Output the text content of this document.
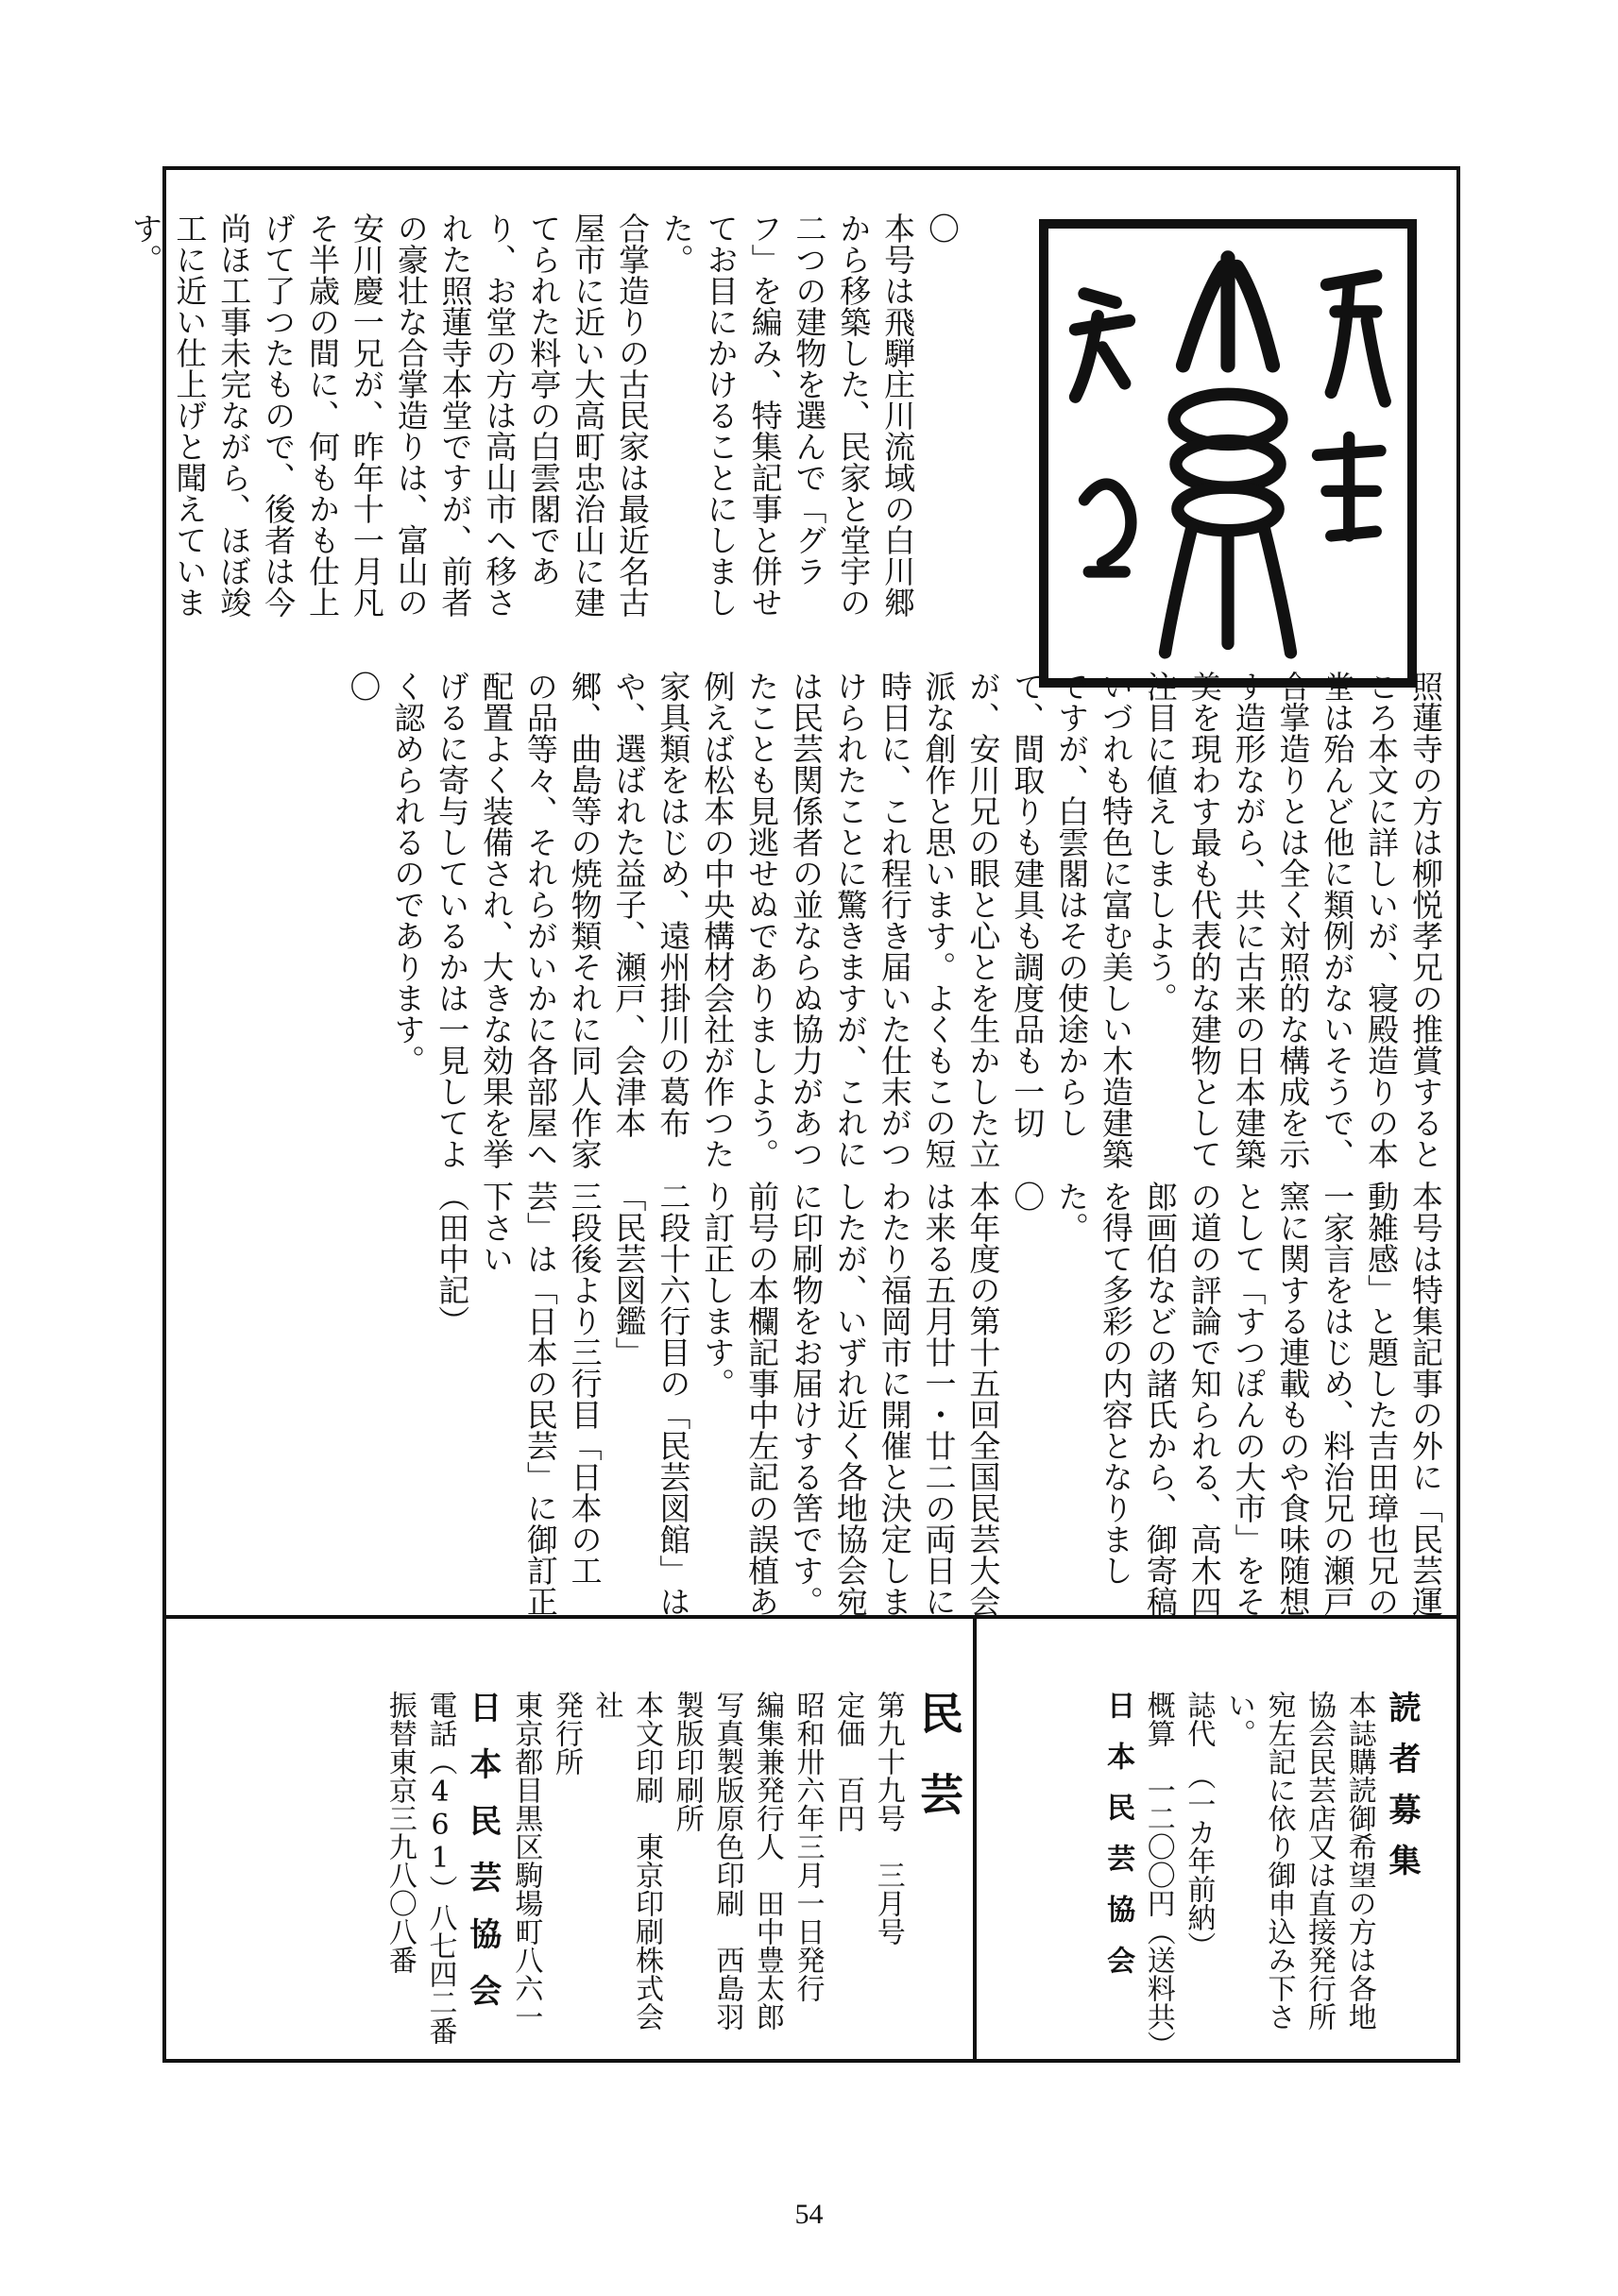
〇

本号は飛騨庄川流域の白川郷から移築した、民家と堂宇の二つの建物を選んで「グラフ」を編み、特集記事と併せてお目にかけることにしました。

合掌造りの古民家は最近名古屋市に近い大高町忠治山に建てられた料亭の白雲閣であり、お堂の方は高山市へ移された照蓮寺本堂ですが、前者の豪壮な合掌造りは、富山の安川慶一兄が、昨年十一月凡そ半歳の間に、何もかも仕上げて了つたもので、後者は今尚ほ工事未完ながら、ほぼ竣工に近い仕上げと聞えています。

照蓮寺の方は柳悦孝兄の推賞するところ本文に詳しいが、寝殿造りの本堂は殆んど他に類例がないそうで、合掌造りとは全く対照的な構成を示す造形ながら、共に古来の日本建築美を現わす最も代表的な建物として注目に値えしましよう。

いづれも特色に富む美しい木造建築ですが、白雲閣はその使途からして、間取りも建具も調度品も一切が、安川兄の眼と心とを生かした立派な創作と思います。よくもこの短時日に、これ程行き届いた仕末がつけられたことに驚きますが、これには民芸関係者の並ならぬ協力があつたことも見逃せぬでありましよう。例えば松本の中央構材会社が作つた家具類をはじめ、遠州掛川の葛布や、選ばれた益子、瀬戸、会津本郷、曲島等の焼物類それに同人作家の品等々、それらがいかに各部屋へ配置よく装備され、大きな効果を挙げるに寄与しているかは一見してよく認められるのであります。

〇

本号は特集記事の外に「民芸運動雑感」と題した吉田璋也兄の一家言をはじめ、料治兄の瀬戸窯に関する連載ものや食味随想として「すつぽんの大市」をその道の評論で知られる、高木四郎画伯などの諸氏から、御寄稿を得て多彩の内容となりました。

〇

本年度の第十五回全国民芸大会は来る五月廿一・廿二の両日にわたり福岡市に開催と決定しましたが、いずれ近く各地協会宛に印刷物をお届けする筈です。

前号の本欄記事中左記の誤植あり訂正します。

二段十六行目の「民芸図館」は「民芸図鑑」

三段後より三行目「日本の工芸」は「日本の民芸」に御訂正下さい

（田中記）

読者募集

本誌購読御希望の方は各地協会民芸店又は直接発行所宛左記に依り御申込み下さい。

誌代　（一カ年前納）

概算　一二〇〇円（送料共）

日本民芸協会

民芸

第九十九号　三月号

定価　百円

昭和卅六年三月一日発行

編集兼発行人　田中豊太郎

写真製版原色印刷　西島羽製版印刷所

本文印刷　東京印刷株式会社

発行所

東京都目黒区駒場町八六一

日本民芸協会

電話（461）八七四二番

振替東京三九八〇八番

54
